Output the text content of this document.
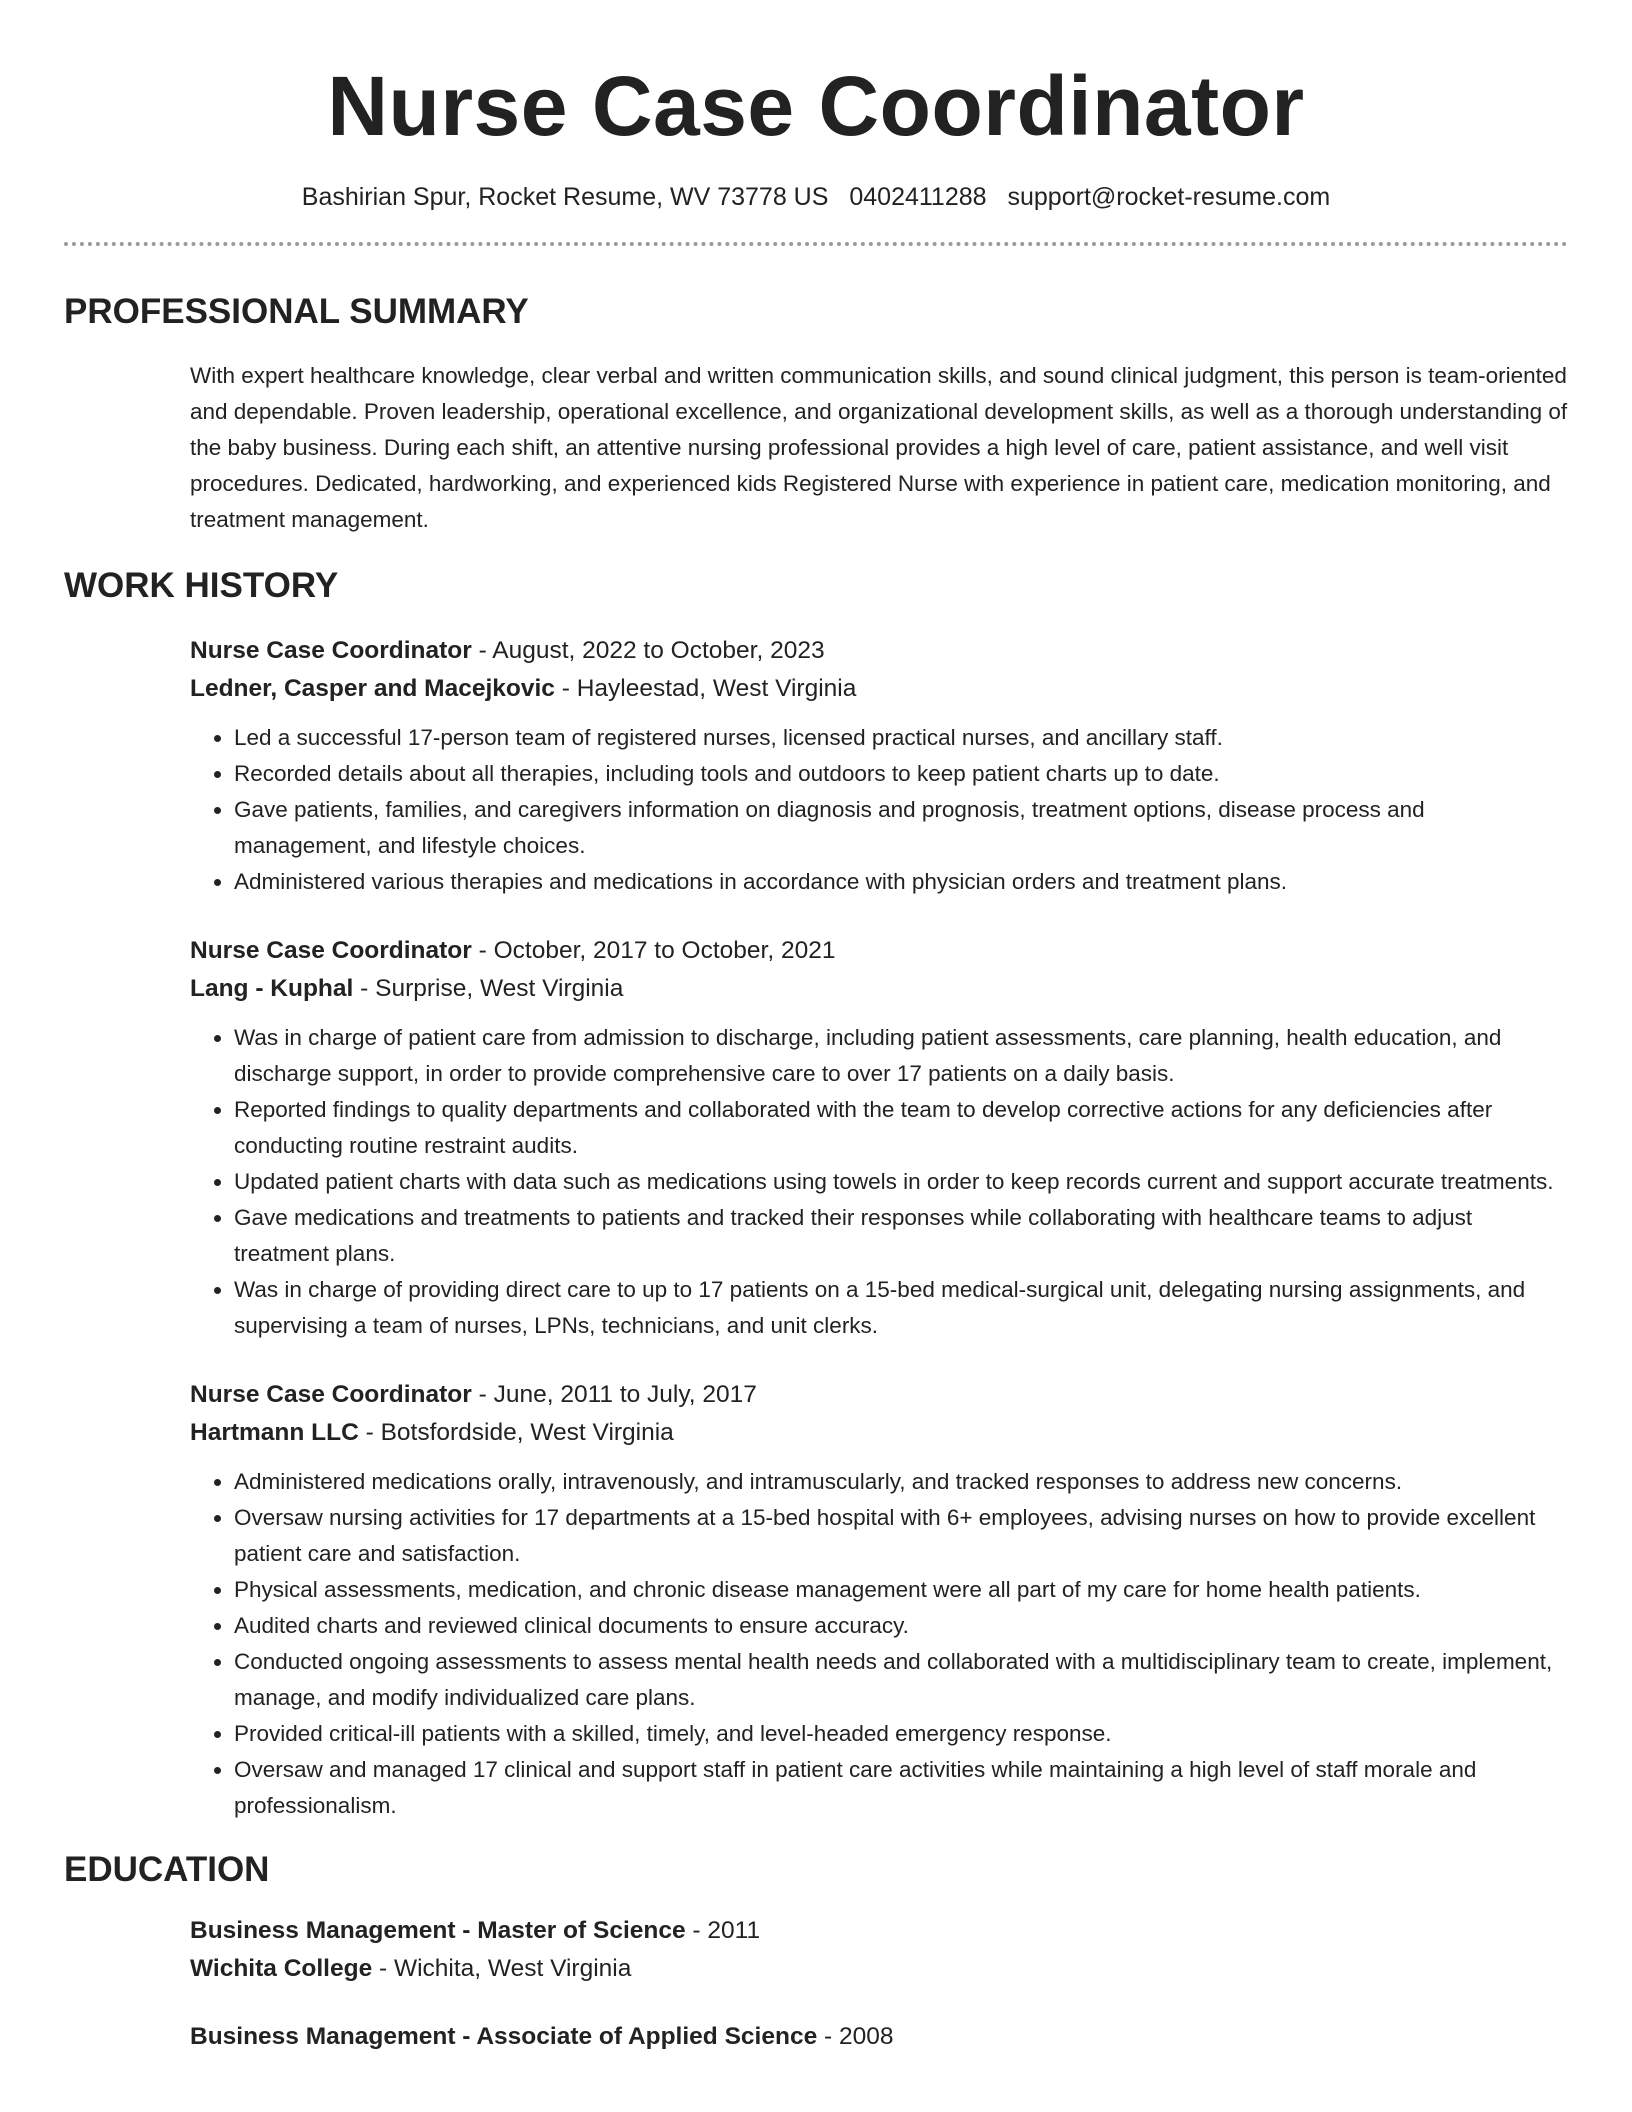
Nurse Case Coordinator
Bashirian Spur, Rocket Resume, WV 73778 US 0402411288 support@rocket-resume.com
PROFESSIONAL SUMMARY

With expert healthcare knowledge, clear verbal and written communication skills, and sound clinical judgment, this person is team-oriented and dependable. Proven leadership, operational excellence, and organizational development skills, as well as a thorough understanding of the baby business. During each shift, an attentive nursing professional provides a high level of care, patient assistance, and well visit procedures. Dedicated, hardworking, and experienced kids Registered Nurse with experience in patient care, medication monitoring, and treatment management.

WORK HISTORY

Nurse Case Coordinator - August, 2022 to October, 2023

Ledner, Casper and Macejkovic - Hayleestad, West Virginia

• Led a successful 17-person team of registered nurses, licensed practical nurses, and ancillary staff.
• Recorded details about all therapies, including tools and outdoors to keep patient charts up to date.
• Gave patients, families, and caregivers information on diagnosis and prognosis, treatment options, disease process and management, and lifestyle choices.
• Administered various therapies and medications in accordance with physician orders and treatment plans.

Nurse Case Coordinator - October, 2017 to October, 2021

Lang - Kuphal - Surprise, West Virginia

• Was in charge of patient care from admission to discharge, including patient assessments, care planning, health education, and discharge support, in order to provide comprehensive care to over 17 patients on a daily basis.
• Reported findings to quality departments and collaborated with the team to develop corrective actions for any deficiencies after conducting routine restraint audits.
• Updated patient charts with data such as medications using towels in order to keep records current and support accurate treatments.
• Gave medications and treatments to patients and tracked their responses while collaborating with healthcare teams to adjust treatment plans.
• Was in charge of providing direct care to up to 17 patients on a 15-bed medical-surgical unit, delegating nursing assignments, and supervising a team of nurses, LPNs, technicians, and unit clerks.

Nurse Case Coordinator - June, 2011 to July, 2017

Hartmann LLC - Botsfordside, West Virginia

• Administered medications orally, intravenously, and intramuscularly, and tracked responses to address new concerns.
• Oversaw nursing activities for 17 departments at a 15-bed hospital with 6+ employees, advising nurses on how to provide excellent patient care and satisfaction.
• Physical assessments, medication, and chronic disease management were all part of my care for home health patients.
• Audited charts and reviewed clinical documents to ensure accuracy.
• Conducted ongoing assessments to assess mental health needs and collaborated with a multidisciplinary team to create, implement, manage, and modify individualized care plans.
• Provided critical-ill patients with a skilled, timely, and level-headed emergency response.
• Oversaw and managed 17 clinical and support staff in patient care activities while maintaining a high level of staff morale and professionalism.
EDUCATION

Business Management - Master of Science - 2011

Wichita College - Wichita, West Virginia

Business Management - Associate of Applied Science - 2008
